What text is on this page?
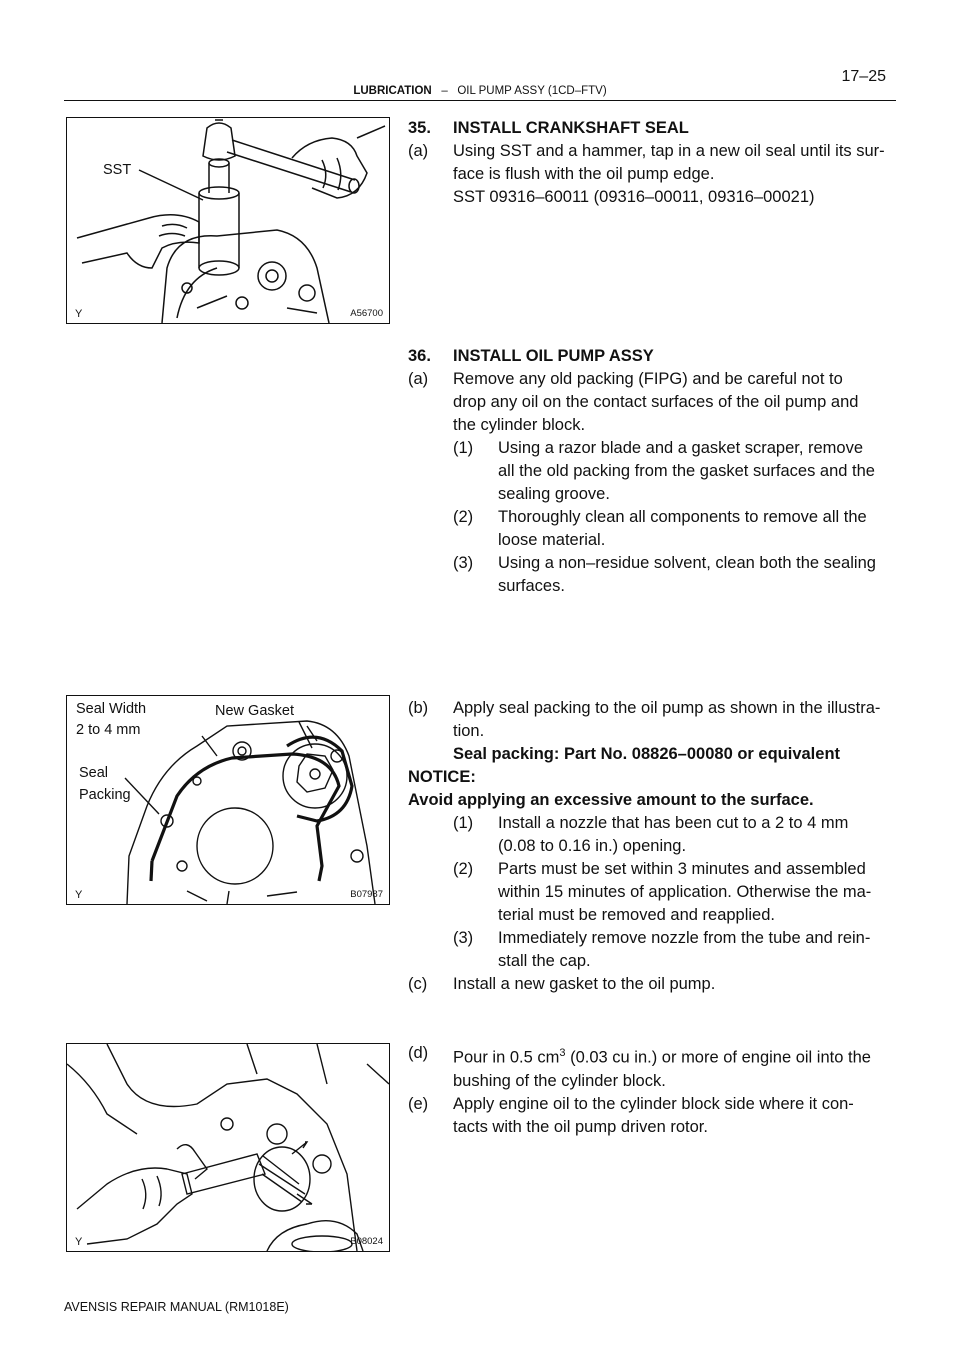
17–25
LUBRICATION – OIL PUMP ASSY (1CD–FTV)
SST
Y	A56700
Seal Width
2 to 4 mm
New Gasket
Seal
Packing
Y	B07987
Y	B08024
35. INSTALL CRANKSHAFT SEAL
(a) Using SST and a hammer, tap in a new oil seal until its sur-
face is flush with the oil pump edge.
SST 09316–60011 (09316–00011, 09316–00021)
36. INSTALL OIL PUMP ASSY
(a) Remove any old packing (FIPG) and be careful not to
drop any oil on the contact surfaces of the oil pump and
the cylinder block.
(1) Using a razor blade and a gasket scraper, remove
all the old packing from the gasket surfaces and the
sealing groove.
(2) Thoroughly clean all components to remove all the
loose material.
(3) Using a non–residue solvent, clean both the sealing
surfaces.
(b) Apply seal packing to the oil pump as shown in the illustra-
tion.
Seal packing: Part No. 08826–00080 or equivalent
NOTICE:
Avoid applying an excessive amount to the surface.
(1) Install a nozzle that has been cut to a 2 to 4 mm
(0.08 to 0.16 in.) opening.
(2) Parts must be set within 3 minutes and assembled
within 15 minutes of application. Otherwise the ma-
terial must be removed and reapplied.
(3) Immediately remove nozzle from the tube and rein-
stall the cap.
(c) Install a new gasket to the oil pump.
(d) Pour in 0.5 $cm^3$ (0.03 cu in.) or more of engine oil into the
bushing of the cylinder block.
(e) Apply engine oil to the cylinder block side where it con-
tacts with the oil pump driven rotor.
AVENSIS REPAIR MANUAL (RM1018E)
